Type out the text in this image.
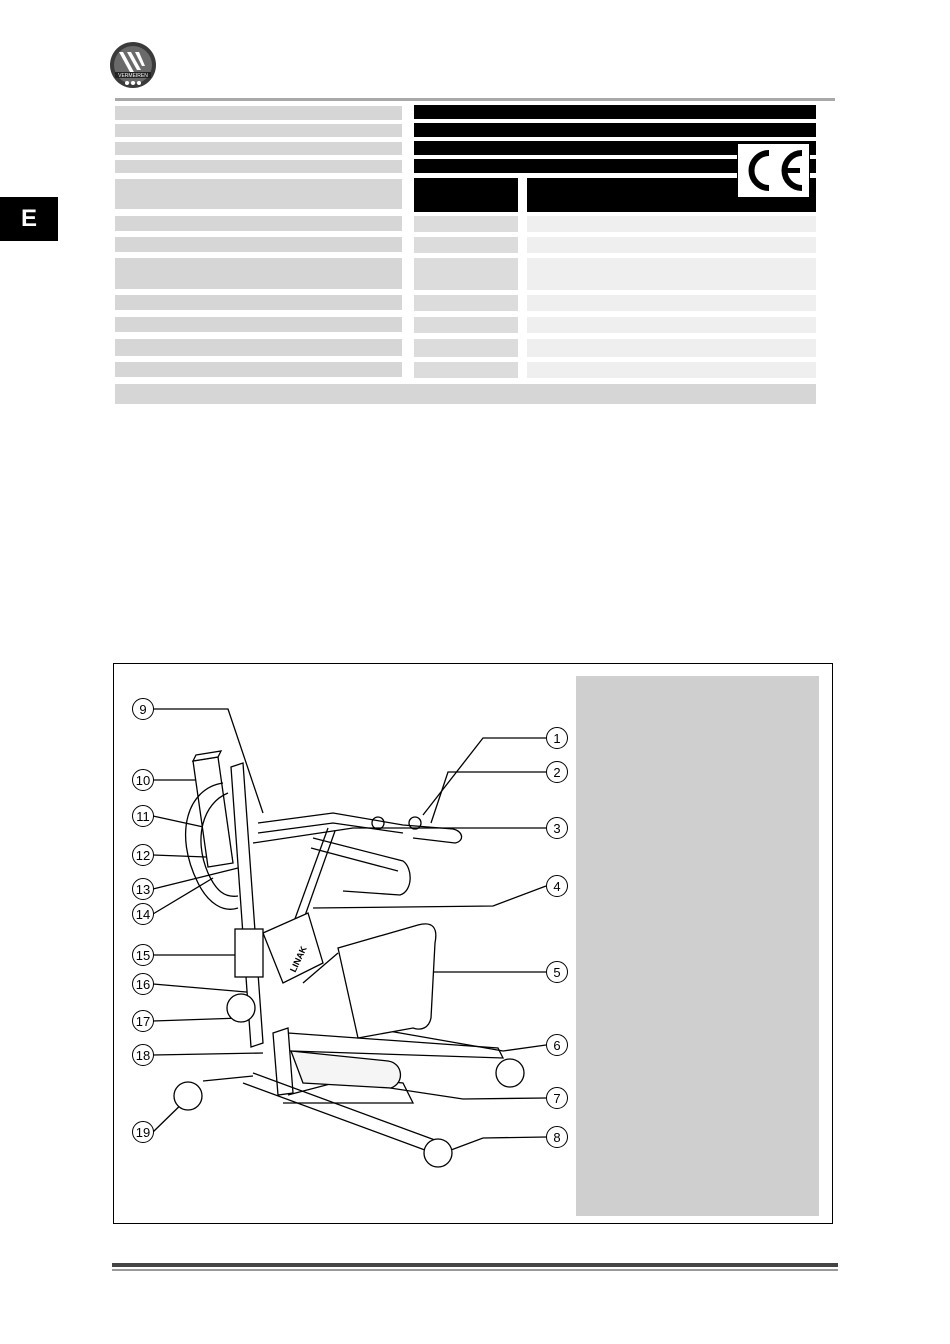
VERMEIREN
E
LINAK
1
2
3
4
5
6
7
8
9
10
11
12
13
14
15
16
17
18
19
